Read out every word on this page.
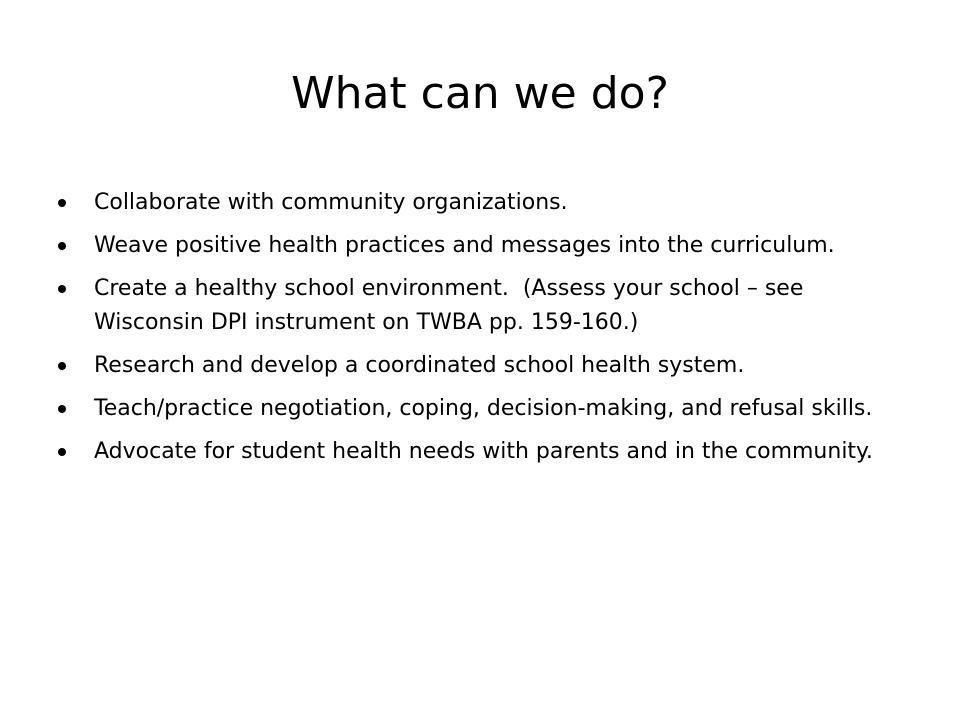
What can we do?
Collaborate with community organizations.
Weave positive health practices and messages into the curriculum.
Create a healthy school environment.  (Assess your school – see Wisconsin DPI instrument on TWBA pp. 159-160.)
Research and develop a coordinated school health system.
Teach/practice negotiation, coping, decision-making, and refusal skills.
Advocate for student health needs with parents and in the community.
